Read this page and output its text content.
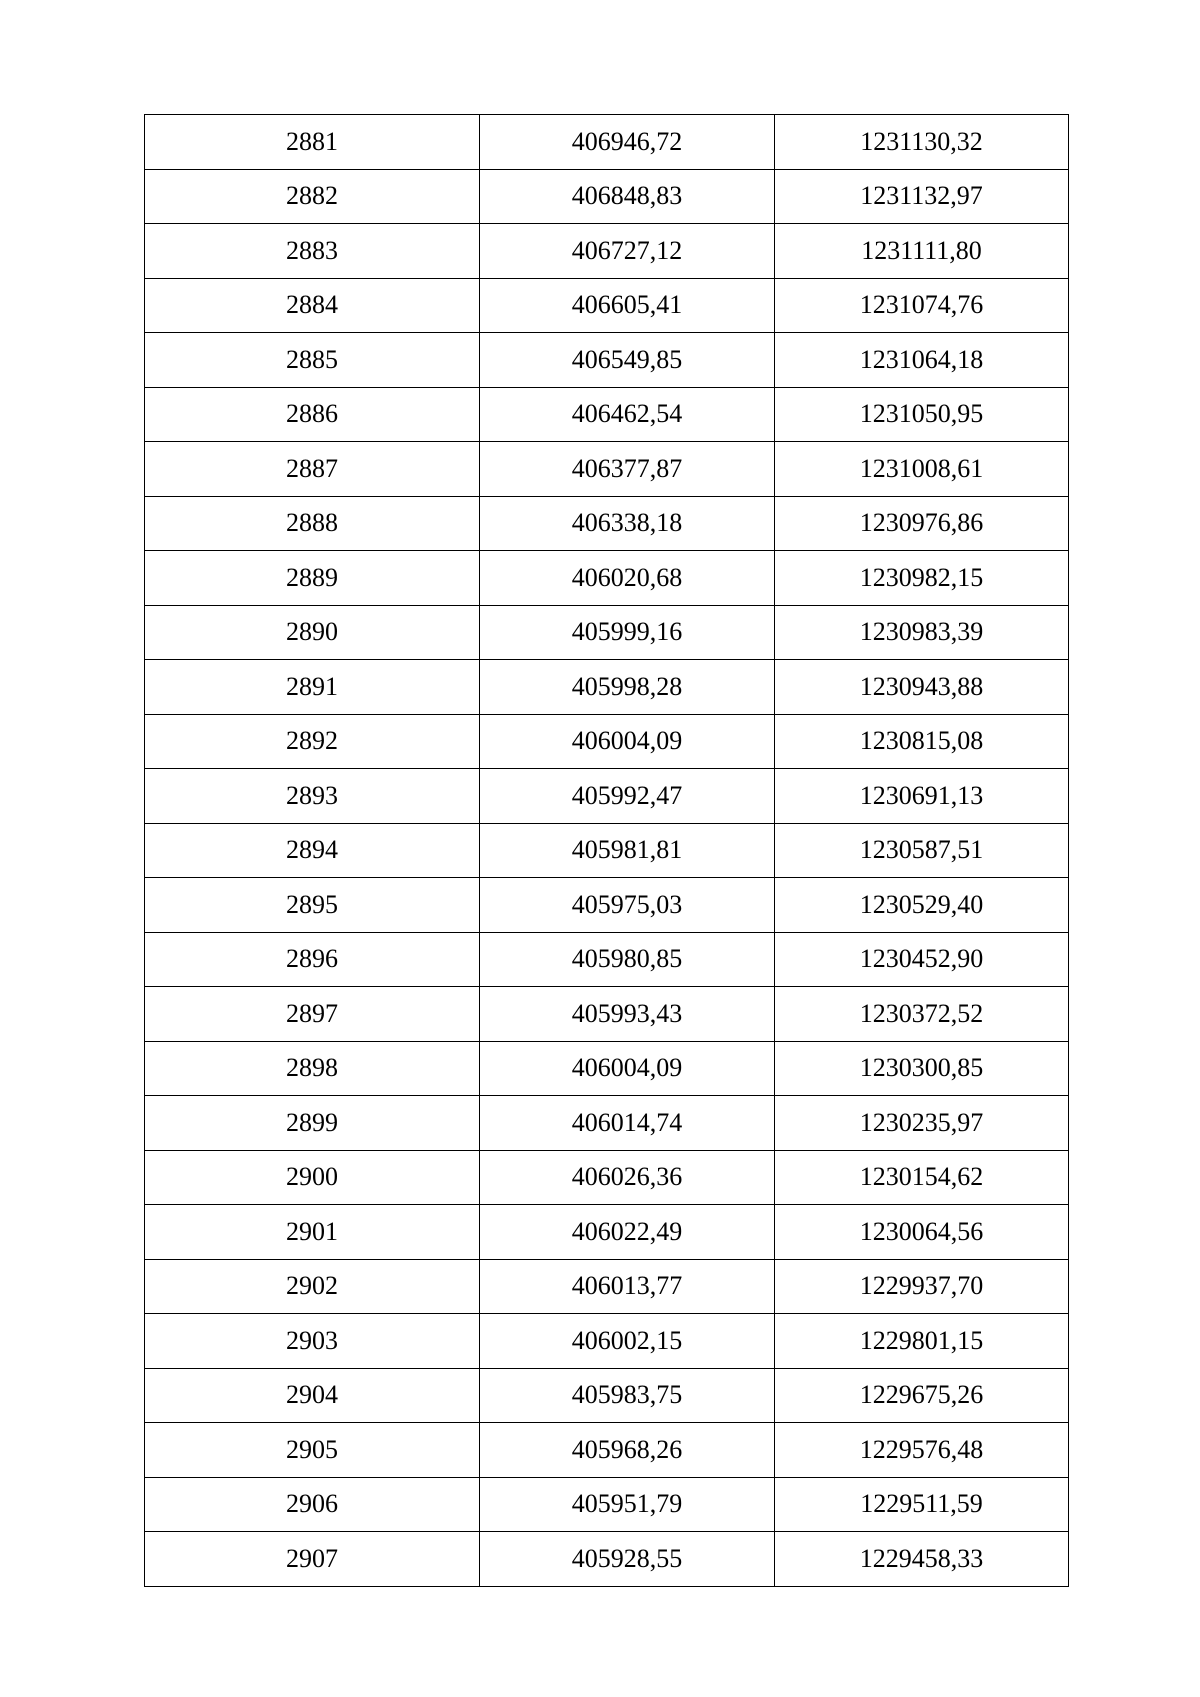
2881	406946,72	1231130,32
2882	406848,83	1231132,97
2883	406727,12	1231111,80
2884	406605,41	1231074,76
2885	406549,85	1231064,18
2886	406462,54	1231050,95
2887	406377,87	1231008,61
2888	406338,18	1230976,86
2889	406020,68	1230982,15
2890	405999,16	1230983,39
2891	405998,28	1230943,88
2892	406004,09	1230815,08
2893	405992,47	1230691,13
2894	405981,81	1230587,51
2895	405975,03	1230529,40
2896	405980,85	1230452,90
2897	405993,43	1230372,52
2898	406004,09	1230300,85
2899	406014,74	1230235,97
2900	406026,36	1230154,62
2901	406022,49	1230064,56
2902	406013,77	1229937,70
2903	406002,15	1229801,15
2904	405983,75	1229675,26
2905	405968,26	1229576,48
2906	405951,79	1229511,59
2907	405928,55	1229458,33
